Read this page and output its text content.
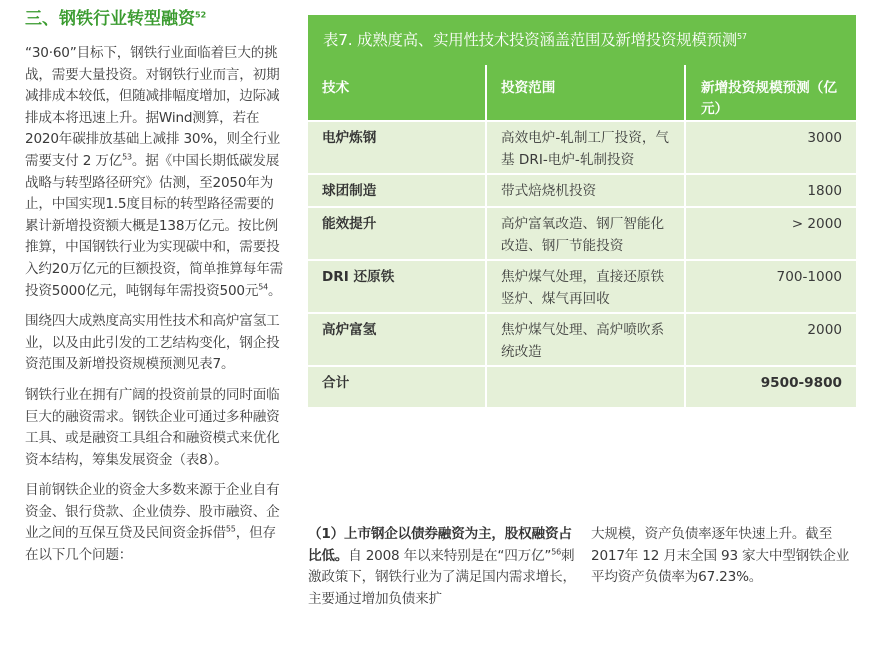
三、钢铁行业转型融资$^{52}$

“30·60”目标下，钢铁行业面临着巨大的挑战，需要大量投资。对钢铁行业而言，初期减排成本较低，但随减排幅度增加，边际减排成本将迅速上升。据Wind测算，若在2020年碳排放基础上减排 30%，则全行业需要支付 2 万亿$^{53}$。据《中国长期低碳发展战略与转型路径研究》估测，至2050年为止，中国实现1.5度目标的转型路径需要的累计新增投资额大概是138万亿元。按比例推算，中国钢铁行业为实现碳中和，需要投入约20万亿元的巨额投资，简单推算每年需投资5000亿元，吨钢每年需投资500元$^{54}$。

围绕四大成熟度高实用性技术和高炉富氢工业，以及由此引发的工艺结构变化，钢企投资范围及新增投资规模预测见表7。

钢铁行业在拥有广阔的投资前景的同时面临巨大的融资需求。钢铁企业可通过多种融资工具、或是融资工具组合和融资模式来优化资本结构，筹集发展资金（表8）。

目前钢铁企业的资金大多数来源于企业自有资金、银行贷款、企业债券、股市融资、企业之间的互保互贷及民间资金拆借$^{55}$，但存在以下几个问题：

表7. 成熟度高、实用性技术投资涵盖范围及新增投资规模预测$^{57}$
技术	投资范围	新增投资规模预测（亿元）
电炉炼钢	高效电炉-轧制工厂投资，气基 DRI-电炉-轧制投资	3000
球团制造	带式焙烧机投资	1800
能效提升	高炉富氧改造、钢厂智能化改造、钢厂节能投资	> 2000
DRI 还原铁	焦炉煤气处理，直接还原铁竖炉、煤气再回收	700-1000
高炉富氢	焦炉煤气处理、高炉喷吹系统改造	2000
合计		9500-9800
（1）上市钢企以债券融资为主，股权融资占比低。自 2008 年以来特别是在“四万亿”$^{56}$刺激政策下，钢铁行业为了满足国内需求增长，主要通过增加负债来扩
大规模，资产负债率逐年快速上升。截至2017年 12 月末全国 93 家大中型钢铁企业平均资产负债率为67.23%。
